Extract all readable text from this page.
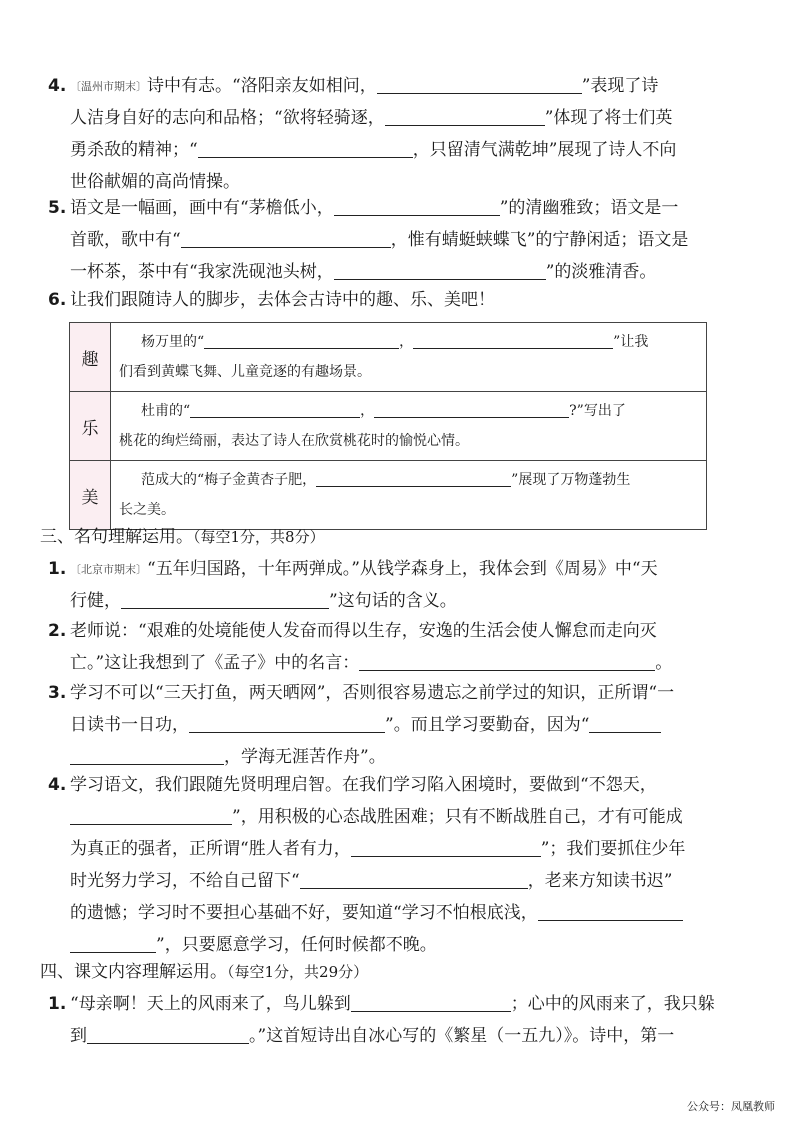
4. 〔温州市期末〕诗中有志。“洛阳亲友如相问，	”表现了诗
人洁身自好的志向和品格；“欲将轻骑逐，	”体现了将士们英
勇杀敌的精神；“	，只留清气满乾坤”展现了诗人不向
世俗献媚的高尚情操。
5. 语文是一幅画，画中有“茅檐低小，	”的清幽雅致；语文是一
首歌，歌中有“	，惟有蜻蜓蛱蝶飞”的宁静闲适；语文是
一杯茶，茶中有“我家洗砚池头树，	”的淡雅清香。
6. 让我们跟随诗人的脚步，去体会古诗中的趣、乐、美吧！
趣	杨万里的“ ， ”让我
们看到黄蝶飞舞、儿童竞逐的有趣场景。

乐	杜甫的“ ， ?”写出了
桃花的绚烂绮丽，表达了诗人在欣赏桃花时的愉悦心情。

美	范成大的“梅子金黄杏子肥， ”展现了万物蓬勃生
长之美。
三、名句理解运用。（每空1分，共8分）
1. 〔北京市期末〕“五年归国路，十年两弹成。”从钱学森身上，我体会到《周易》中“天
行健，	”这句话的含义。
2. 老师说：“艰难的处境能使人发奋而得以生存，安逸的生活会使人懈怠而走向灭
亡。”这让我想到了《孟子》中的名言：	。
3. 学习不可以“三天打鱼，两天晒网”，否则很容易遗忘之前学过的知识，正所谓“一
日读书一日功，	”。而且学习要勤奋，因为“
，学海无涯苦作舟”。
4. 学习语文，我们跟随先贤明理启智。在我们学习陷入困境时，要做到“不怨天，
”，用积极的心态战胜困难；只有不断战胜自己，才有可能成
为真正的强者，正所谓“胜人者有力，	”；我们要抓住少年
时光努力学习，不给自己留下“	，老来方知读书迟”
的遗憾；学习时不要担心基础不好，要知道“学习不怕根底浅，
”，只要愿意学习，任何时候都不晚。
四、课文内容理解运用。（每空1分，共29分）
1. “母亲啊！天上的风雨来了，鸟儿躲到	；心中的风雨来了，我只躲
到	。”这首短诗出自冰心写的《繁星（一五九）》。诗中，第一
公众号：凤凰教师
